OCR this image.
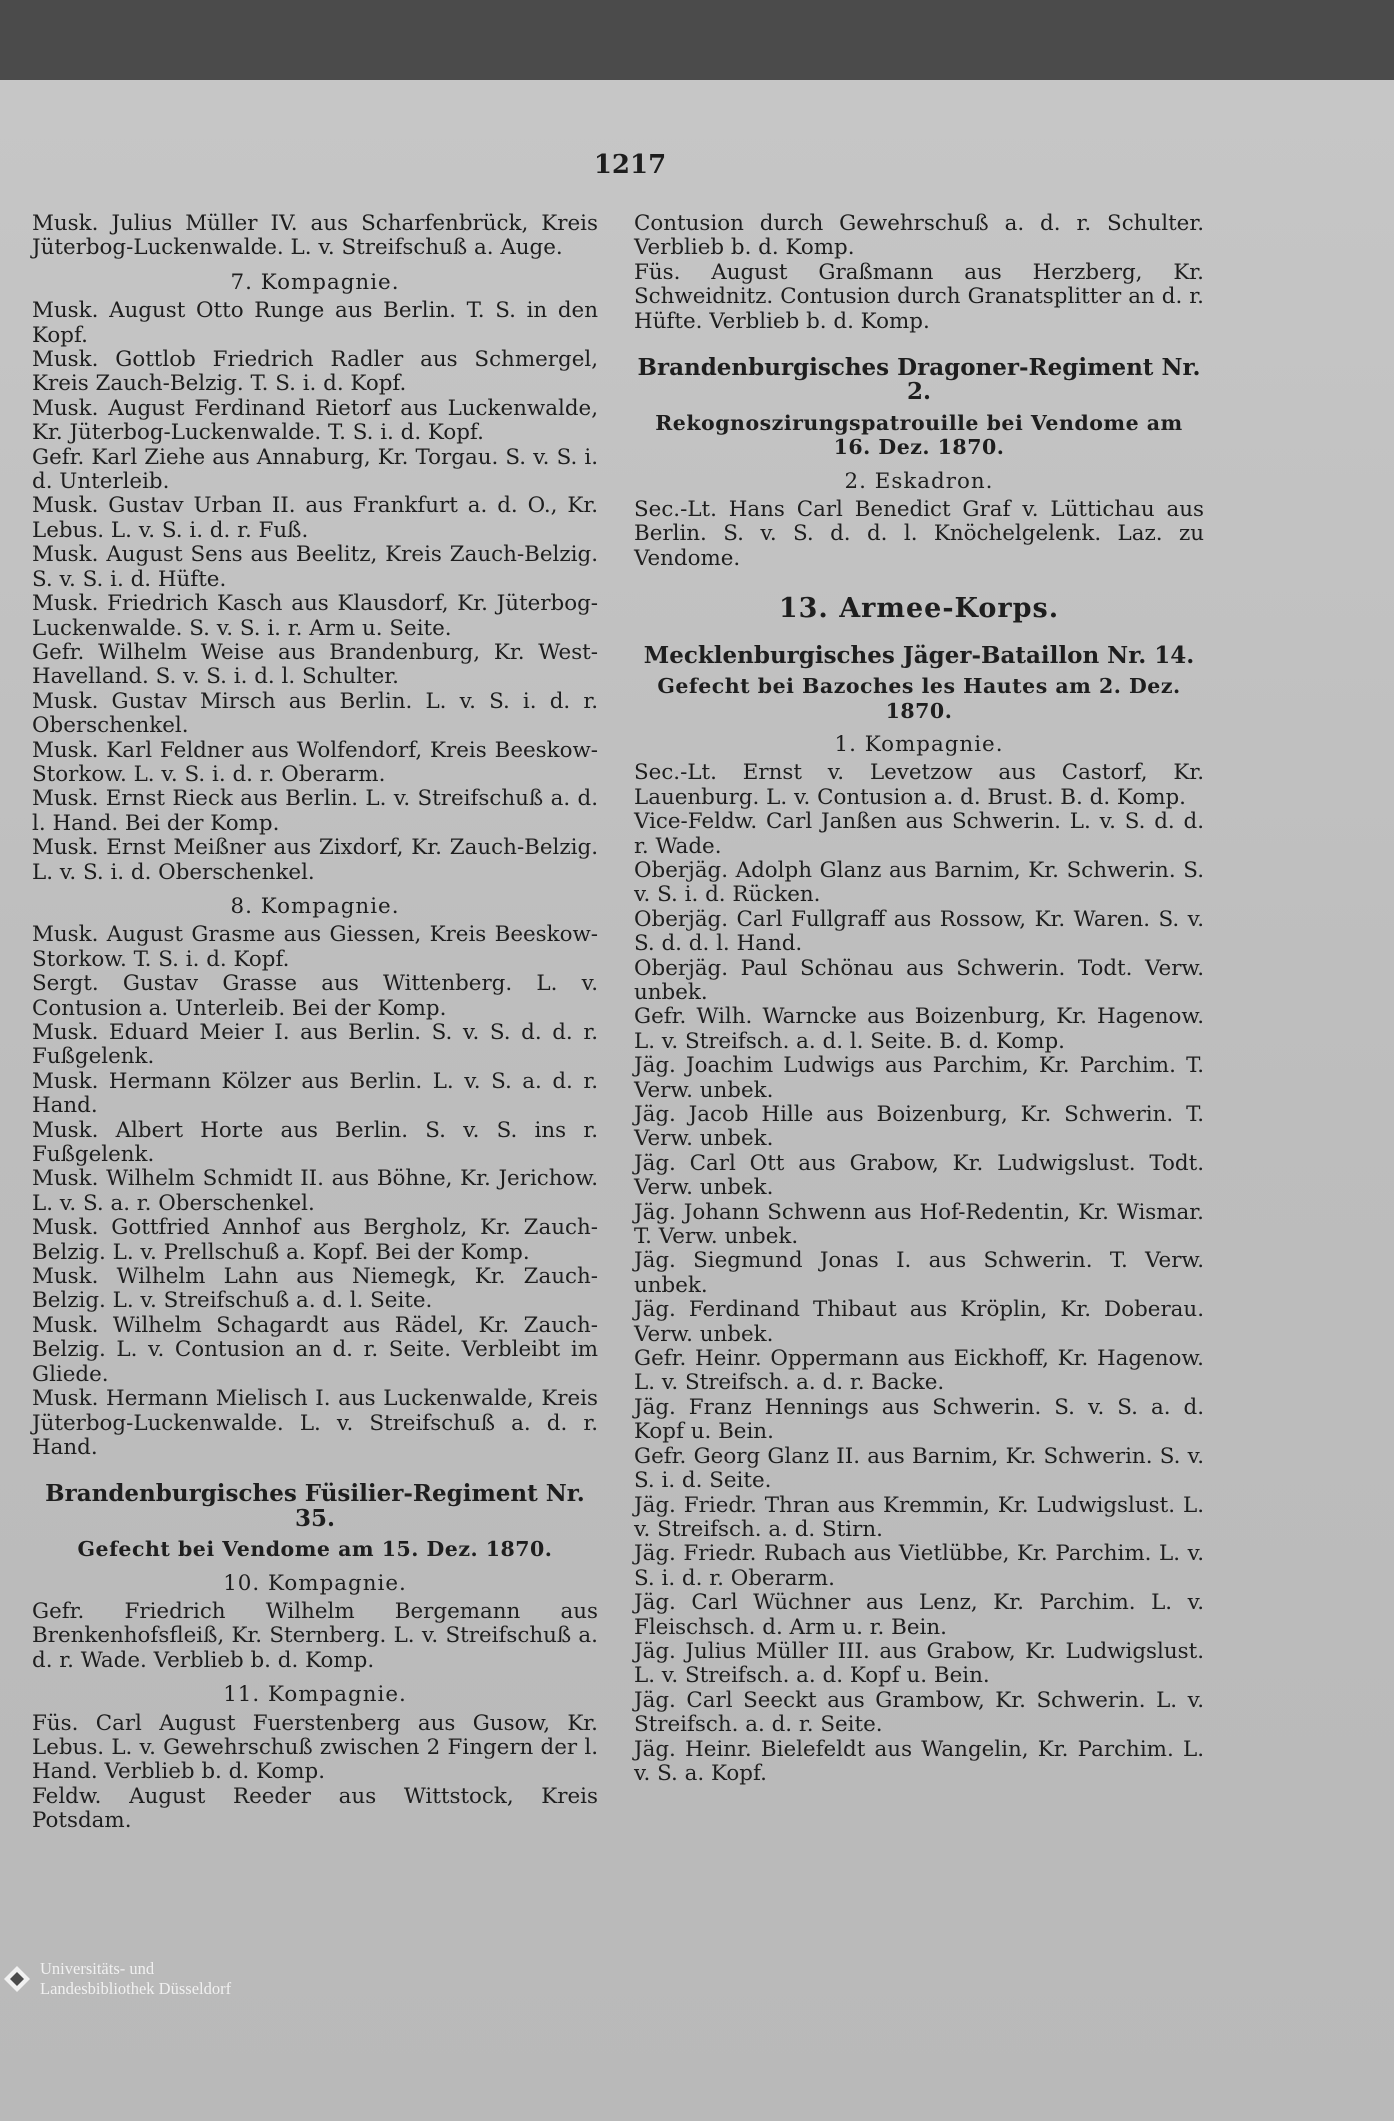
1217
Musk. Julius Müller IV. aus Scharfenbrück, Kreis Jüterbog-Luckenwalde. L. v. Streifschuß a. Auge.
7. Kompagnie.
Musk. August Otto Runge aus Berlin. T. S. in den Kopf.
Musk. Gottlob Friedrich Radler aus Schmergel, Kreis Zauch-Belzig. T. S. i. d. Kopf.
Musk. August Ferdinand Rietorf aus Luckenwalde, Kr. Jüterbog-Luckenwalde. T. S. i. d. Kopf.
Gefr. Karl Ziehe aus Annaburg, Kr. Torgau. S. v. S. i. d. Unterleib.
Musk. Gustav Urban II. aus Frankfurt a. d. O., Kr. Lebus. L. v. S. i. d. r. Fuß.
Musk. August Sens aus Beelitz, Kreis Zauch-Belzig. S. v. S. i. d. Hüfte.
Musk. Friedrich Kasch aus Klausdorf, Kr. Jüterbog-Luckenwalde. S. v. S. i. r. Arm u. Seite.
Gefr. Wilhelm Weise aus Brandenburg, Kr. West-Havelland. S. v. S. i. d. l. Schulter.
Musk. Gustav Mirsch aus Berlin. L. v. S. i. d. r. Oberschenkel.
Musk. Karl Feldner aus Wolfendorf, Kreis Beeskow-Storkow. L. v. S. i. d. r. Oberarm.
Musk. Ernst Rieck aus Berlin. L. v. Streifschuß a. d. l. Hand. Bei der Komp.
Musk. Ernst Meißner aus Zixdorf, Kr. Zauch-Belzig. L. v. S. i. d. Oberschenkel.
8. Kompagnie.
Musk. August Grasme aus Giessen, Kreis Beeskow-Storkow. T. S. i. d. Kopf.
Sergt. Gustav Grasse aus Wittenberg. L. v. Contusion a. Unterleib. Bei der Komp.
Musk. Eduard Meier I. aus Berlin. S. v. S. d. d. r. Fußgelenk.
Musk. Hermann Kölzer aus Berlin. L. v. S. a. d. r. Hand.
Musk. Albert Horte aus Berlin. S. v. S. ins r. Fußgelenk.
Musk. Wilhelm Schmidt II. aus Böhne, Kr. Jerichow. L. v. S. a. r. Oberschenkel.
Musk. Gottfried Annhof aus Bergholz, Kr. Zauch-Belzig. L. v. Prellschuß a. Kopf. Bei der Komp.
Musk. Wilhelm Lahn aus Niemegk, Kr. Zauch-Belzig. L. v. Streifschuß a. d. l. Seite.
Musk. Wilhelm Schagardt aus Rädel, Kr. Zauch-Belzig. L. v. Contusion an d. r. Seite. Verbleibt im Gliede.
Musk. Hermann Mielisch I. aus Luckenwalde, Kreis Jüterbog-Luckenwalde. L. v. Streifschuß a. d. r. Hand.
Brandenburgisches Füsilier-Regiment Nr. 35.
Gefecht bei Vendome am 15. Dez. 1870.
10. Kompagnie.
Gefr. Friedrich Wilhelm Bergemann aus Brenkenhofsfleiß, Kr. Sternberg. L. v. Streifschuß a. d. r. Wade. Verblieb b. d. Komp.
11. Kompagnie.
Füs. Carl August Fuerstenberg aus Gusow, Kr. Lebus. L. v. Gewehrschuß zwischen 2 Fingern der l. Hand. Verblieb b. d. Komp.
Feldw. August Reeder aus Wittstock, Kreis Potsdam.
Contusion durch Gewehrschuß a. d. r. Schulter. Verblieb b. d. Komp.
Füs. August Graßmann aus Herzberg, Kr. Schweidnitz. Contusion durch Granatsplitter an d. r. Hüfte. Verblieb b. d. Komp.
Brandenburgisches Dragoner-Regiment Nr. 2.
Rekognoszirungspatrouille bei Vendome am 16. Dez. 1870.
2. Eskadron.
Sec.-Lt. Hans Carl Benedict Graf v. Lüttichau aus Berlin. S. v. S. d. d. l. Knöchelgelenk. Laz. zu Vendome.
13. Armee-Korps.
Mecklenburgisches Jäger-Bataillon Nr. 14.
Gefecht bei Bazoches les Hautes am 2. Dez. 1870.
1. Kompagnie.
Sec.-Lt. Ernst v. Levetzow aus Castorf, Kr. Lauenburg. L. v. Contusion a. d. Brust. B. d. Komp.
Vice-Feldw. Carl Janßen aus Schwerin. L. v. S. d. d. r. Wade.
Oberjäg. Adolph Glanz aus Barnim, Kr. Schwerin. S. v. S. i. d. Rücken.
Oberjäg. Carl Fullgraff aus Rossow, Kr. Waren. S. v. S. d. d. l. Hand.
Oberjäg. Paul Schönau aus Schwerin. Todt. Verw. unbek.
Gefr. Wilh. Warncke aus Boizenburg, Kr. Hagenow. L. v. Streifsch. a. d. l. Seite. B. d. Komp.
Jäg. Joachim Ludwigs aus Parchim, Kr. Parchim. T. Verw. unbek.
Jäg. Jacob Hille aus Boizenburg, Kr. Schwerin. T. Verw. unbek.
Jäg. Carl Ott aus Grabow, Kr. Ludwigslust. Todt. Verw. unbek.
Jäg. Johann Schwenn aus Hof-Redentin, Kr. Wismar. T. Verw. unbek.
Jäg. Siegmund Jonas I. aus Schwerin. T. Verw. unbek.
Jäg. Ferdinand Thibaut aus Kröplin, Kr. Doberau. Verw. unbek.
Gefr. Heinr. Oppermann aus Eickhoff, Kr. Hagenow. L. v. Streifsch. a. d. r. Backe.
Jäg. Franz Hennings aus Schwerin. S. v. S. a. d. Kopf u. Bein.
Gefr. Georg Glanz II. aus Barnim, Kr. Schwerin. S. v. S. i. d. Seite.
Jäg. Friedr. Thran aus Kremmin, Kr. Ludwigslust. L. v. Streifsch. a. d. Stirn.
Jäg. Friedr. Rubach aus Vietlübbe, Kr. Parchim. L. v. S. i. d. r. Oberarm.
Jäg. Carl Wüchner aus Lenz, Kr. Parchim. L. v. Fleischsch. d. Arm u. r. Bein.
Jäg. Julius Müller III. aus Grabow, Kr. Ludwigslust. L. v. Streifsch. a. d. Kopf u. Bein.
Jäg. Carl Seeckt aus Grambow, Kr. Schwerin. L. v. Streifsch. a. d. r. Seite.
Jäg. Heinr. Bielefeldt aus Wangelin, Kr. Parchim. L. v. S. a. Kopf.
Universitäts- und
Landesbibliothek Düsseldorf
